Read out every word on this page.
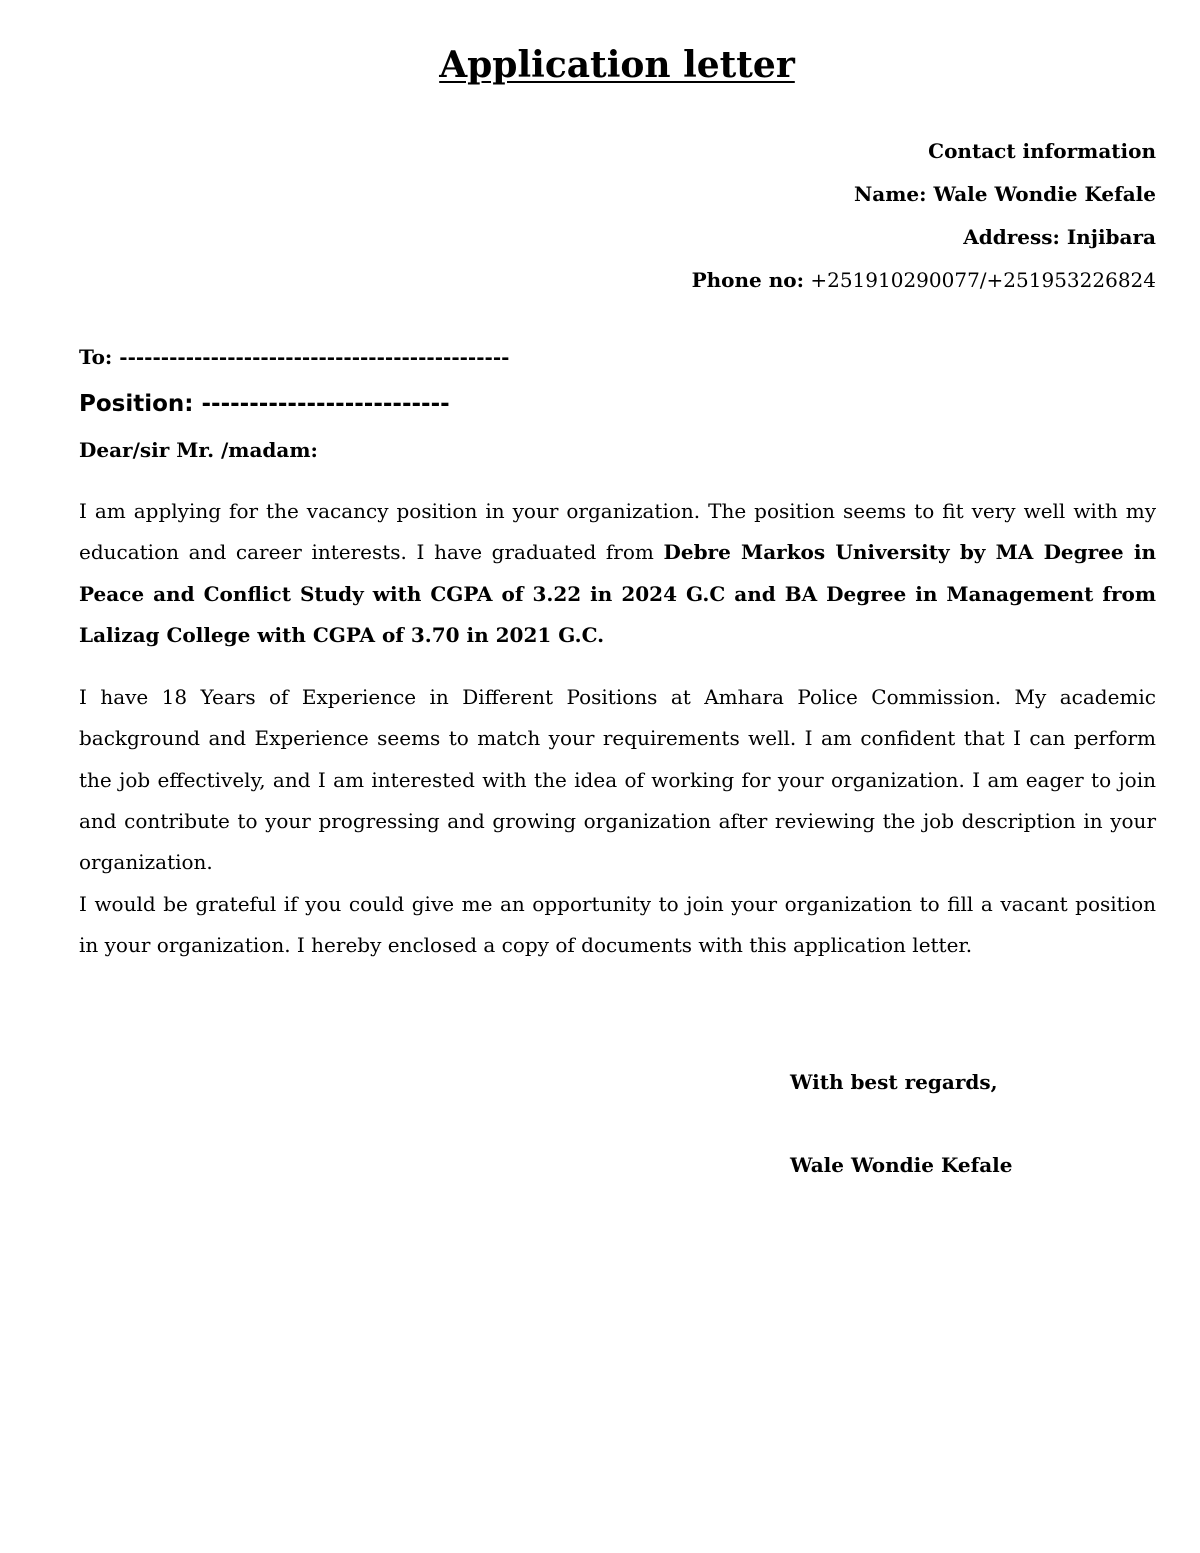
Application letter
Contact information
Name: Wale Wondie Kefale
Address: Injibara
Phone no: +251910290077/+251953226824
To: -----------------------------------------------
Position: --------------------------
Dear/sir Mr. /madam:

I am applying for the vacancy position in your organization. The position seems to fit very well with my education and career interests. I have graduated from Debre Markos University by MA Degree in Peace and Conflict Study with CGPA of 3.22 in 2024 G.C and BA Degree in Management from Lalizag College with CGPA of 3.70 in 2021 G.C.

I have 18 Years of Experience in Different Positions at Amhara Police Commission. My academic background and Experience seems to match your requirements well. I am confident that I can perform the job effectively, and I am interested with the idea of working for your organization. I am eager to join and contribute to your progressing and growing organization after reviewing the job description in your organization.

I would be grateful if you could give me an opportunity to join your organization to fill a vacant position in your organization. I hereby enclosed a copy of documents with this application letter.

With best regards,
Wale Wondie Kefale
